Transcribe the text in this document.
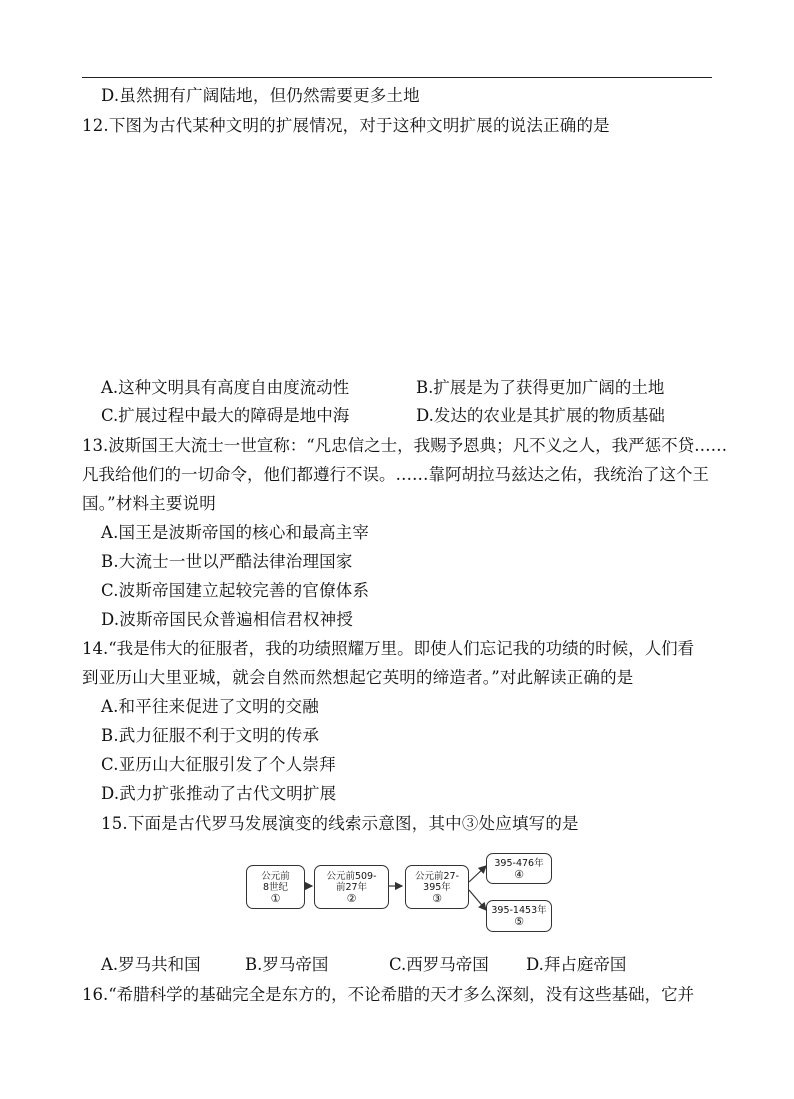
D.虽然拥有广阔陆地，但仍然需要更多土地
12.下图为古代某种文明的扩展情况，对于这种文明扩展的说法正确的是
A.这种文明具有高度自由度流动性	B.扩展是为了获得更加广阔的土地
C.扩展过程中最大的障碍是地中海	D.发达的农业是其扩展的物质基础
13.波斯国王大流士一世宣称：“凡忠信之士，我赐予恩典；凡不义之人，我严惩不贷……
凡我给他们的一切命令，他们都遵行不误。……靠阿胡拉马兹达之佑，我统治了这个王
国。”材料主要说明
A.国王是波斯帝国的核心和最高主宰
B.大流士一世以严酷法律治理国家
C.波斯帝国建立起较完善的官僚体系
D.波斯帝国民众普遍相信君权神授
14.“我是伟大的征服者，我的功绩照耀万里。即使人们忘记我的功绩的时候，人们看
到亚历山大里亚城，就会自然而然想起它英明的缔造者。”对此解读正确的是
A.和平往来促进了文明的交融
B.武力征服不利于文明的传承
C.亚历山大征服引发了个人崇拜
D.武力扩张推动了古代文明扩展
15.下面是古代罗马发展演变的线索示意图，其中③处应填写的是
公元前
8世纪
①
公元前509-
前27年
②
公元前27-
395年
③
395-476年
④
395-1453年
⑤
A.罗马共和国	B.罗马帝国	C.西罗马帝国 D.拜占庭帝国
16.“希腊科学的基础完全是东方的，不论希腊的天才多么深刻，没有这些基础，它并
